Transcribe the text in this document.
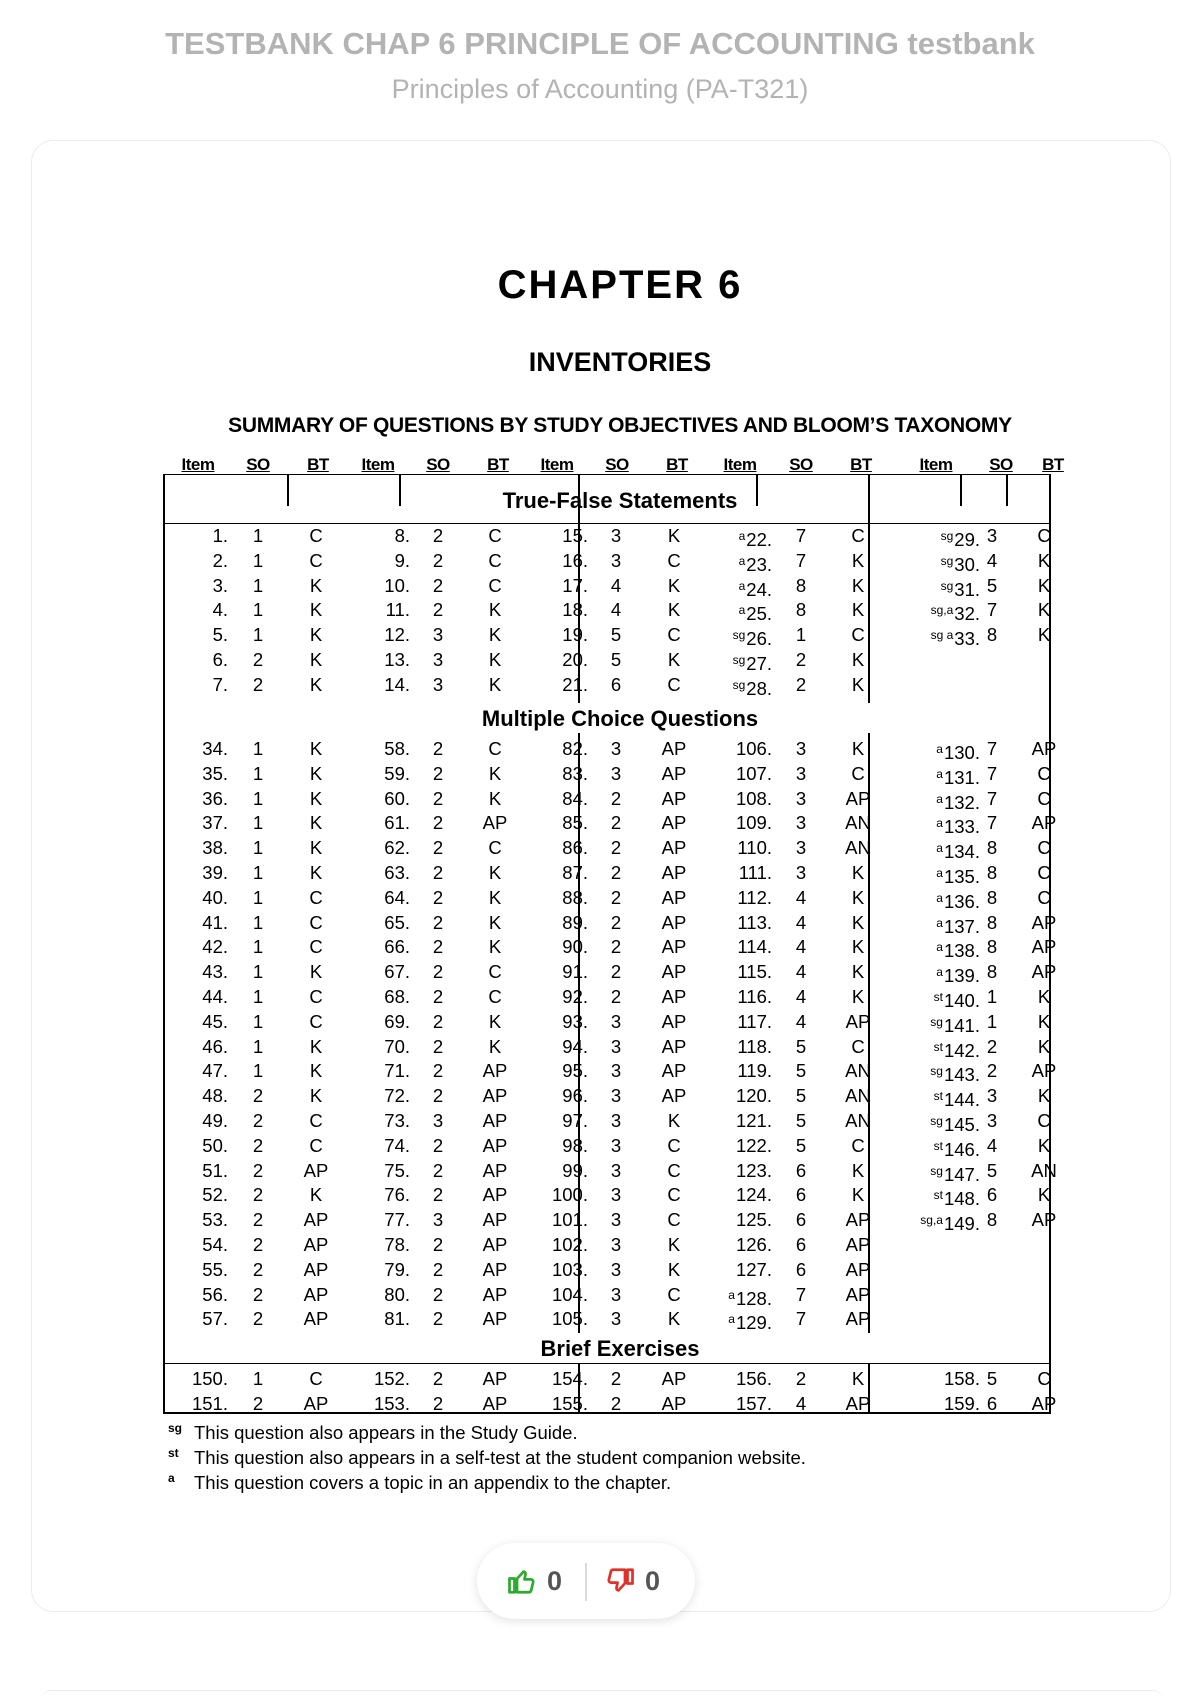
TESTBANK CHAP 6 PRINCIPLE OF ACCOUNTING testbank
Principles of Accounting (PA-T321)
CHAPTER 6
INVENTORIES
SUMMARY OF QUESTIONS BY STUDY OBJECTIVES AND BLOOM’S TAXONOMY
Item	SO	BT	Item	SO	BT	Item	SO	BT	Item	SO	BT	Item	SO	BT
True-False Statements
1.	1	C	8.	2	C	15.	3	K	$^a$22.	7	C	$^{sg}$29. 3	C
2.	1	C	9.	2	C	16.	3	C	$^a$23.	7	K	$^{sg}$30. 4	K
3.	1	K	10.	2	C	17.	4	K	$^a$24.	8	K	$^{sg}$31. 5	K
4.	1	K	11.	2	K	18.	4	K	$^a$25.	8	K	$^{sg,a}$32. 7	K
5.	1	K	12.	3	K	19.	5	C	$^{sg}$26.	1	C	$^{sg a}$33. 8	K
6.	2	K	13.	3	K	20.	5	K	$^{sg}$27.	2	K
7.	2	K	14.	3	K	21.	6	C	$^{sg}$28.	2	K
Multiple Choice Questions
34.	1	K	58.	2	C	82.	3	AP	106.	3	K	$^a$130. 7	AP
35.	1	K	59.	2	K	83.	3	AP	107.	3	C	$^a$131. 7	C
36.	1	K	60.	2	K	84.	2	AP	108.	3	AP	$^a$132. 7	C
37.	1	K	61.	2	AP	85.	2	AP	109.	3	AN	$^a$133. 7	AP
38.	1	K	62.	2	C	86.	2	AP	110.	3	AN	$^a$134. 8	C
39.	1	K	63.	2	K	87.	2	AP	111.	3	K	$^a$135. 8	C
40.	1	C	64.	2	K	88.	2	AP	112.	4	K	$^a$136. 8	C
41.	1	C	65.	2	K	89.	2	AP	113.	4	K	$^a$137. 8	AP
42.	1	C	66.	2	K	90.	2	AP	114.	4	K	$^a$138. 8	AP
43.	1	K	67.	2	C	91.	2	AP	115.	4	K	$^a$139. 8	AP
44.	1	C	68.	2	C	92.	2	AP	116.	4	K	$^{st}$140. 1	K
45.	1	C	69.	2	K	93.	3	AP	117.	4	AP	$^{sg}$141. 1	K
46.	1	K	70.	2	K	94.	3	AP	118.	5	C	$^{st}$142. 2	K
47.	1	K	71.	2	AP	95.	3	AP	119.	5	AN	$^{sg}$143. 2	AP
48.	2	K	72.	2	AP	96.	3	AP	120.	5	AN	$^{st}$144. 3	K
49.	2	C	73.	3	AP	97.	3	K	121.	5	AN	$^{sg}$145. 3	C
50.	2	C	74.	2	AP	98.	3	C	122.	5	C	$^{st}$146. 4	K
51.	2	AP	75.	2	AP	99.	3	C	123.	6	K	$^{sg}$147. 5	AN
52.	2	K	76.	2	AP	100.	3	C	124.	6	K	$^{st}$148. 6	K
53.	2	AP	77.	3	AP	101.	3	C	125.	6	AP	$^{sg,a}$149. 8	AP
54.	2	AP	78.	2	AP	102.	3	K	126.	6	AP
55.	2	AP	79.	2	AP	103.	3	K	127.	6	AP
56.	2	AP	80.	2	AP	104.	3	C	$^a$128.	7	AP
57.	2	AP	81.	2	AP	105.	3	K	$^a$129.	7	AP
Brief Exercises
150.	1	C	152.	2	AP	154.	2	AP	156.	2	K	158. 5	C
151.	2	AP	153.	2	AP	155.	2	AP	157.	4	AP	159. 6	AP
sg This question also appears in the Study Guide.
st This question also appears in a self-test at the student companion website.
a This question covers a topic in an appendix to the chapter.
0	0
